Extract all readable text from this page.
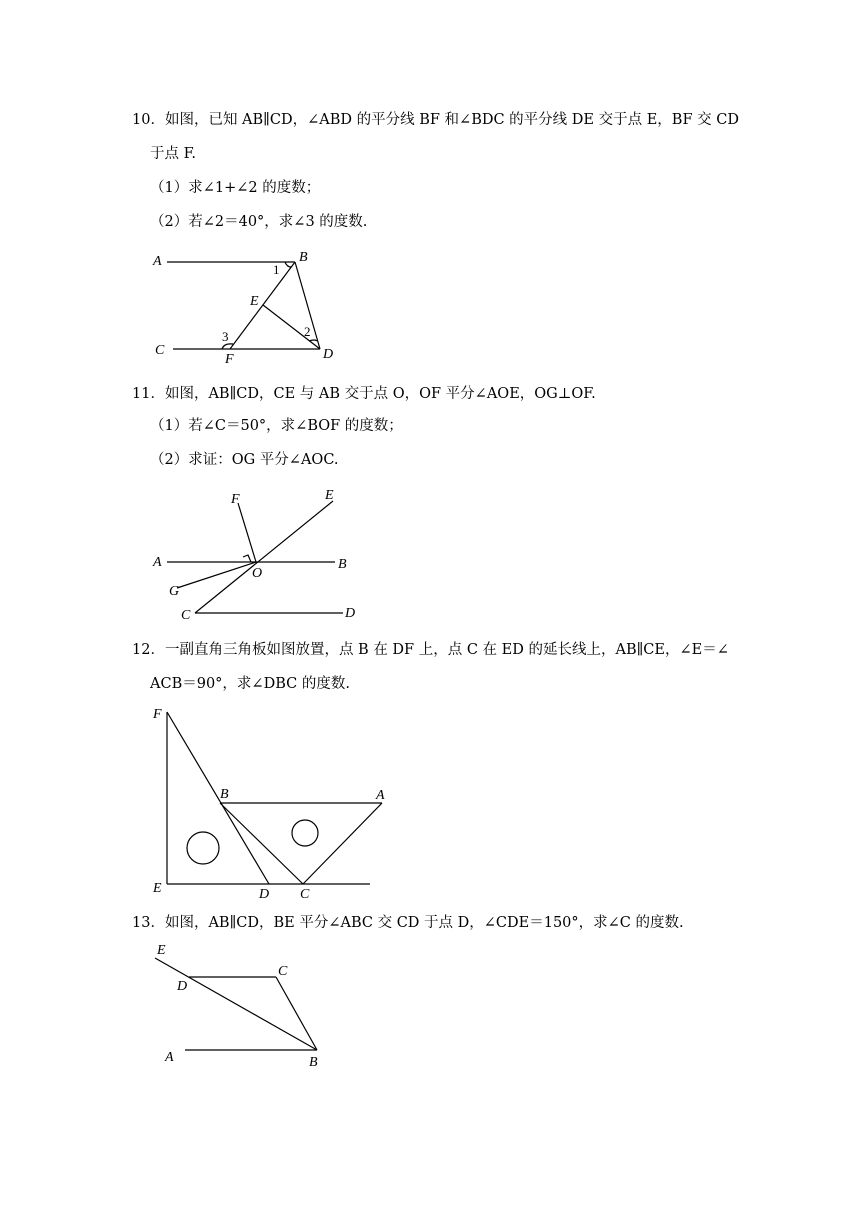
10．如图，已知 AB∥CD，∠ABD 的平分线 BF 和∠BDC 的平分线 DE 交于点 E，BF 交 CD
于点 F.
（1）求∠1+∠2 的度数；
（2）若∠2＝40°，求∠3 的度数.
A	B
C	D
E
F
1
2
3
11．如图，AB∥CD，CE 与 AB 交于点 O，OF 平分∠AOE，OG⊥OF.
（1）若∠C＝50°，求∠BOF 的度数；
（2）求证：OG 平分∠AOC.
A	B
C	D
E
F
G
O
12．一副直角三角板如图放置，点 B 在 DF 上，点 C 在 ED 的延长线上，AB∥CE，∠E＝∠
ACB＝90°，求∠DBC 的度数.
F
E
B	A
D C
13．如图，AB∥CD，BE 平分∠ABC 交 CD 于点 D，∠CDE＝150°，求∠C 的度数.
E
D
C
A	B
